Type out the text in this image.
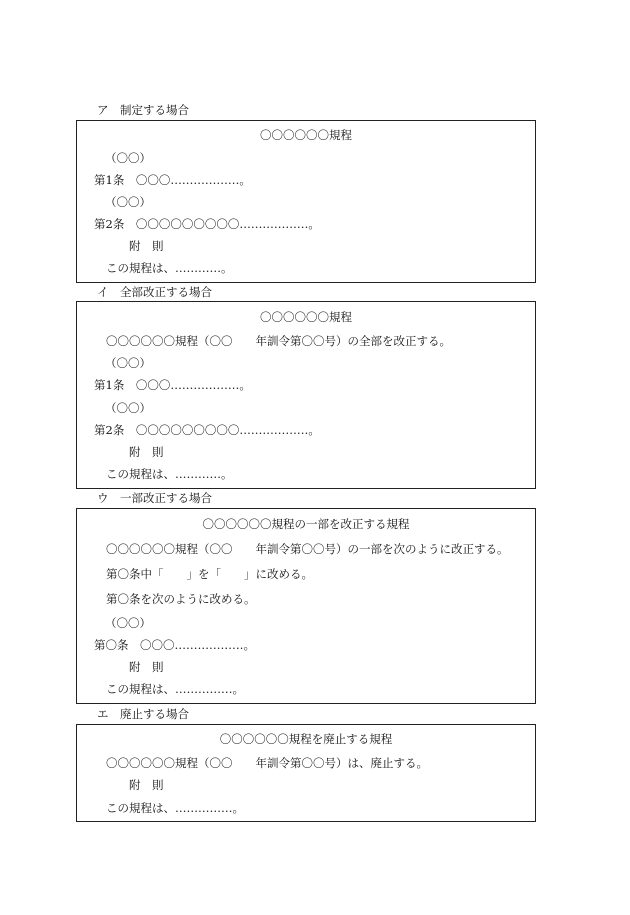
ア　制定する場合
〇〇〇〇〇〇規程
（〇〇）
第1条　〇〇〇………………。
（〇〇）
第2条　〇〇〇〇〇〇〇〇〇………………。
附　則
この規程は、…………。
イ　全部改正する場合
〇〇〇〇〇〇規程
〇〇〇〇〇〇規程（〇〇　　年訓令第〇〇号）の全部を改正する。
（〇〇）
第1条　〇〇〇………………。
（〇〇）
第2条　〇〇〇〇〇〇〇〇〇………………。
附　則
この規程は、…………。
ウ　一部改正する場合
〇〇〇〇〇〇規程の一部を改正する規程
〇〇〇〇〇〇規程（〇〇　　年訓令第〇〇号）の一部を次のように改正する。
第〇条中「　　」を「　　」に改める。
第〇条を次のように改める。
（〇〇）
第〇条　〇〇〇………………。
附　則
この規程は、……………。
エ　廃止する場合
〇〇〇〇〇〇規程を廃止する規程
〇〇〇〇〇〇規程（〇〇　　年訓令第〇〇号）は、廃止する。
附　則
この規程は、……………。
